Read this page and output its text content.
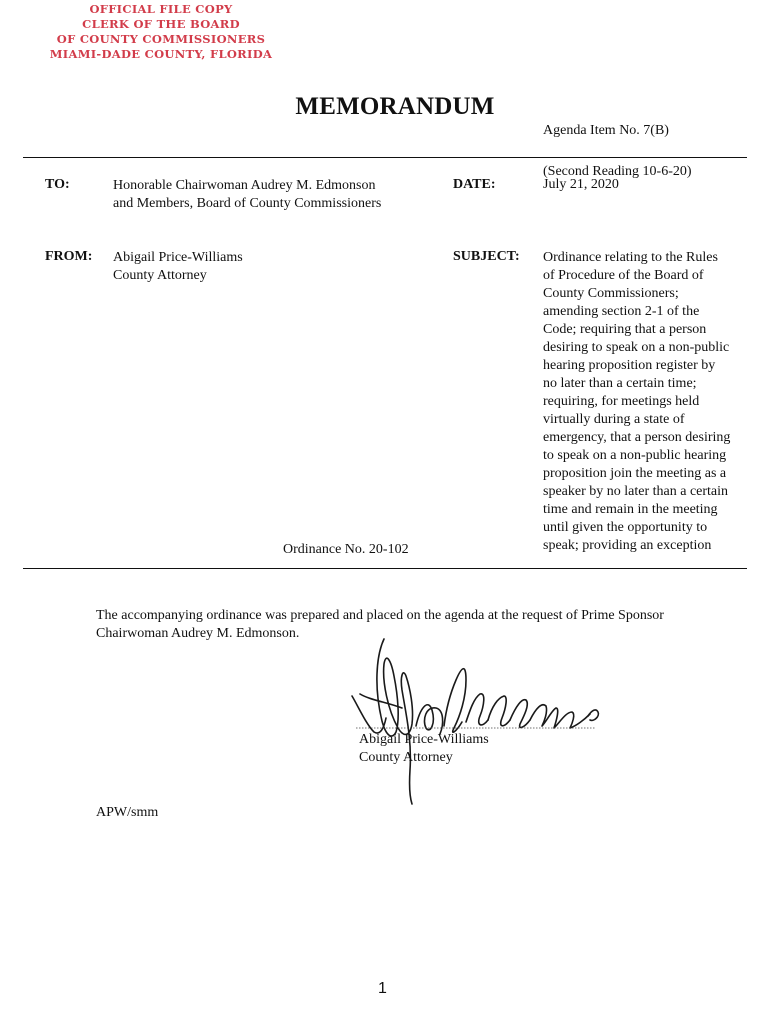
OFFICIAL FILE COPY
CLERK OF THE BOARD
OF COUNTY COMMISSIONERS
MIAMI-DADE COUNTY, FLORIDA
MEMORANDUM
Agenda Item No. 7(B)
(Second Reading 10-6-20)
TO:	Honorable Chairwoman Audrey M. Edmonson
and Members, Board of County Commissioners
DATE:	July 21, 2020
FROM: Abigail Price-Williams
County Attorney
SUBJECT: Ordinance relating to the Rules

of Procedure of the Board of

County Commissioners;

amending section 2-1 of the

Code; requiring that a person

desiring to speak on a non-public

hearing proposition register by

no later than a certain time;

requiring, for meetings held

virtually during a state of

emergency, that a person desiring

to speak on a non-public hearing

proposition join the meeting as a

speaker by no later than a certain

time and remain in the meeting

until given the opportunity to

speak; providing an exception

Ordinance No. 20-102
The accompanying ordinance was prepared and placed on the agenda at the request of Prime Sponsor
Chairwoman Audrey M. Edmonson.
Abigail Price-Williams
County Attorney
APW/smm
1
